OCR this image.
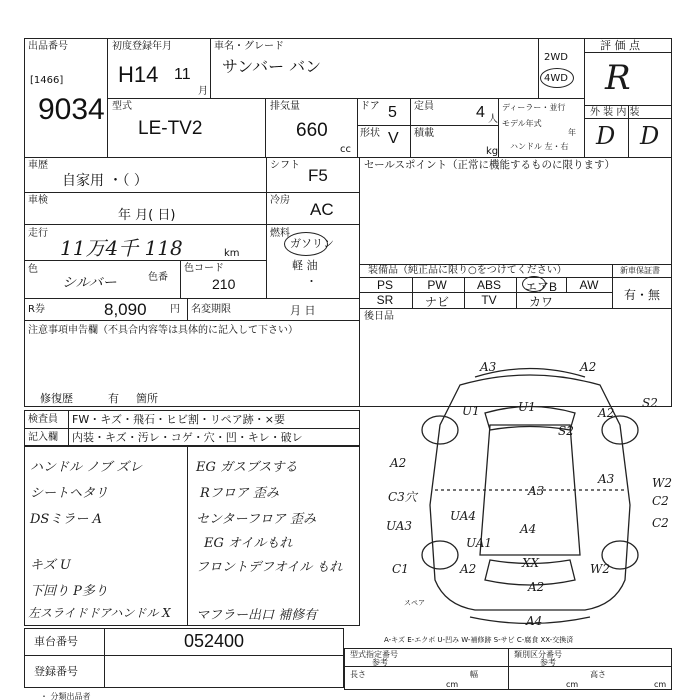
出品番号
[1466]
9034
初度登録年月
H14 11
月
車名・グレード
サンバー バン	2WD
4WD
評 価 点
R
外 装 内 装
D D
型式
LE-TV2
排気量
660
cc
ドア 5 定員	4 人
形状 V 積載
kg
ディーラー・並行
モデル年式
年
ハンドル 左・右
車歴
自家用 ・（ ）
車検
年 月( 日)
走行
11万4千 118	km
色
シルバー	色番
色コード
210
シフト
F5
冷房 AC
燃料
ガソリン
軽 油
・
R券	8,090 円 名変期限	月 日
注意事項申告欄（不具合内容等は具体的に記入して下さい）
修復歴	有 箇所
セールスポイント（正常に機能するものに限ります）
装備品（純正品に限り○をつけてください）	新車保証書
有・無
PS	PW	ABS	エアB	AW
SR	ナビ	TV	カワ
後日品
検査員
記入欄
FW・キズ・飛石・ヒビ割・リペア跡・×要
内装・キズ・汚レ・コゲ・穴・凹・キレ・破レ
ハンドル ノブ ズレ
シートヘタリ
DSミラー A
キズ U
下回り P多り
左スライドドアハンドル X
EG ガスブスする
Rフロア 歪み
センターフロア 歪み
EG オイルもれ
フロントデフオイル もれ
マフラー出口 補修有
A3	A2
S2
U1	U1
S2
A2
A3
A2
C3穴
UA3
UA4
A3
W2
C2
A4	C2
UA1
C1	A2	XX
A2
W2
A4
スペア
A-キズ E-エクボ U-凹み W-補修跡 S-サビ C-腐食 XX-交換済
車台番号	052400
登録番号
・ 分類出品者
型式指定番号
参考
類別区分番号
参考
長さ	幅	高さ
cm	cm	cm
